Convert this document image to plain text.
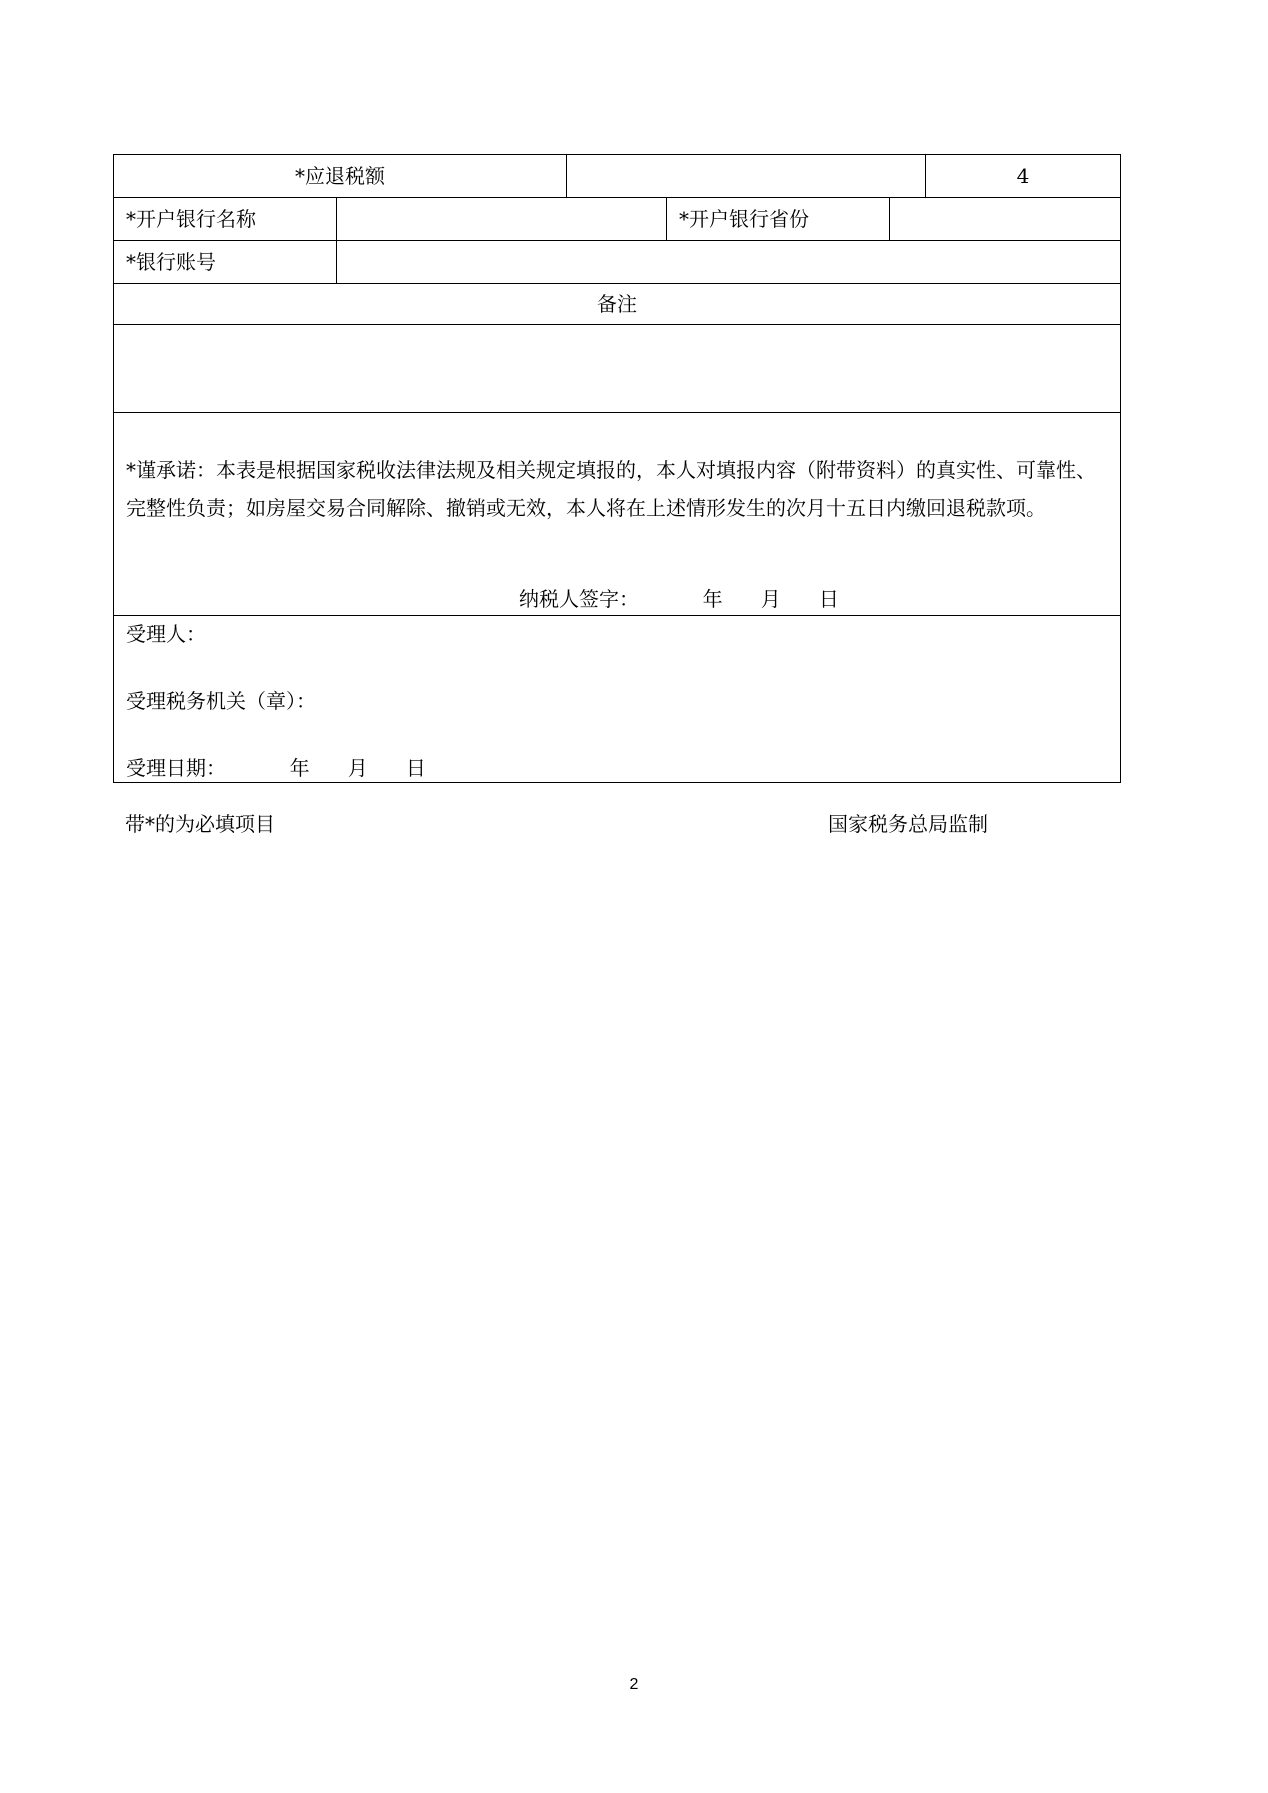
*应退税额					4
*开户银行名称			*开户银行省份		
*银行账号					
备注					

*谨承诺：本表是根据国家税收法律法规及相关规定填报的，本人对填报内容（附带资料）的真实性、可靠性、完整性负责；如房屋交易合同解除、撤销或无效，本人将在上述情形发生的次月十五日内缴回退税款项。
纳税人签字：          年      月      日					

受理人：
受理税务机关（章）：
受理日期：          年      月      日					
带*的为必填项目	国家税务总局监制
2
